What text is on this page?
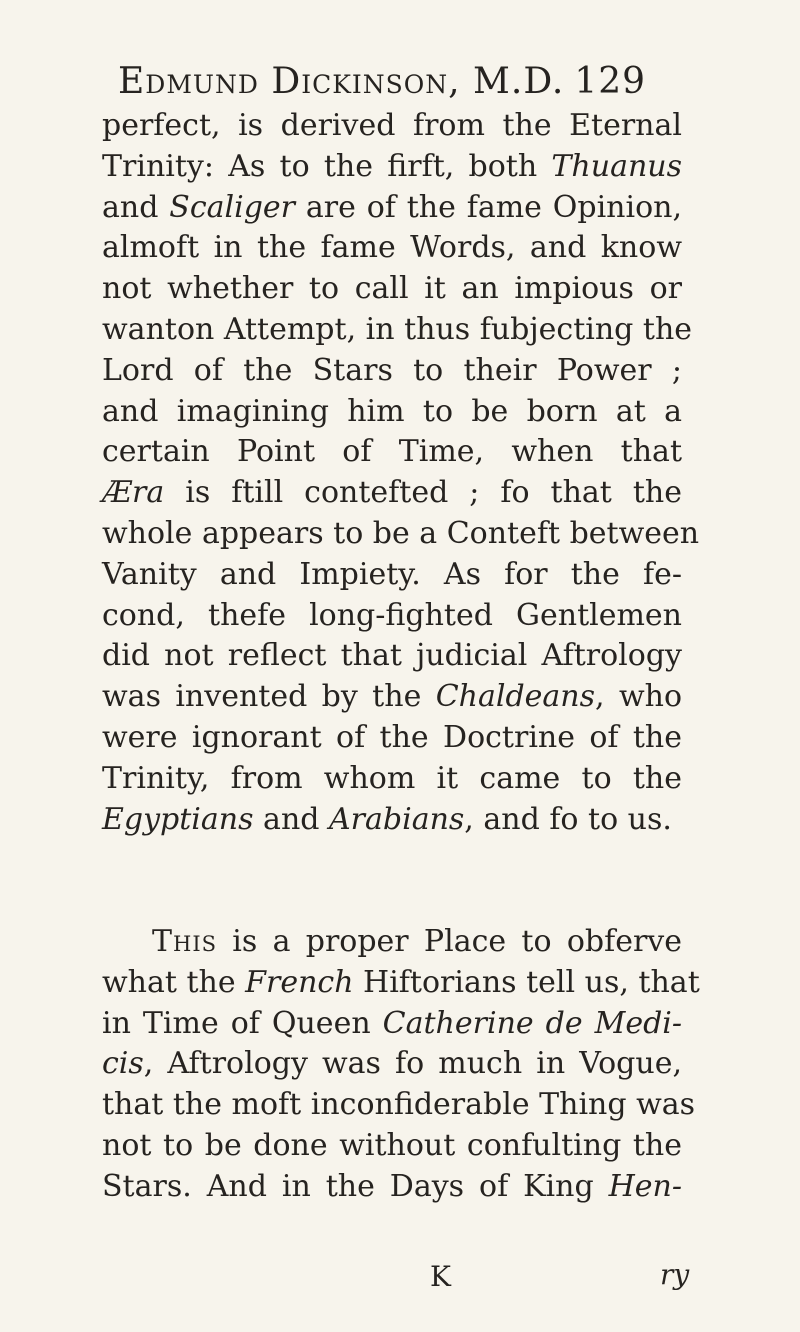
Edmund Dickinson, M.D. 129
perfect, is derived from the Eternal
Trinity: As to the firft, both Thuanus
and Scaliger are of the fame Opinion,
almoft in the fame Words, and know
not whether to call it an impious or
wanton Attempt, in thus fubjecting the
Lord of the Stars to their Power ;
and imagining him to be born at a
certain Point of Time, when that
Æra is ftill contefted ; fo that the
whole appears to be a Conteft between
Vanity and Impiety. As for the fe-
cond, thefe long-fighted Gentlemen
did not reflect that judicial Aftrology
was invented by the Chaldeans, who
were ignorant of the Doctrine of the
Trinity, from whom it came to the
Egyptians and Arabians, and fo to us.
This is a proper Place to obferve
what the French Hiftorians tell us, that
in Time of Queen Catherine de Medi-
cis, Aftrology was fo much in Vogue,
that the moft inconfiderable Thing was
not to be done without confulting the
Stars. And in the Days of King Hen-
K	ry
